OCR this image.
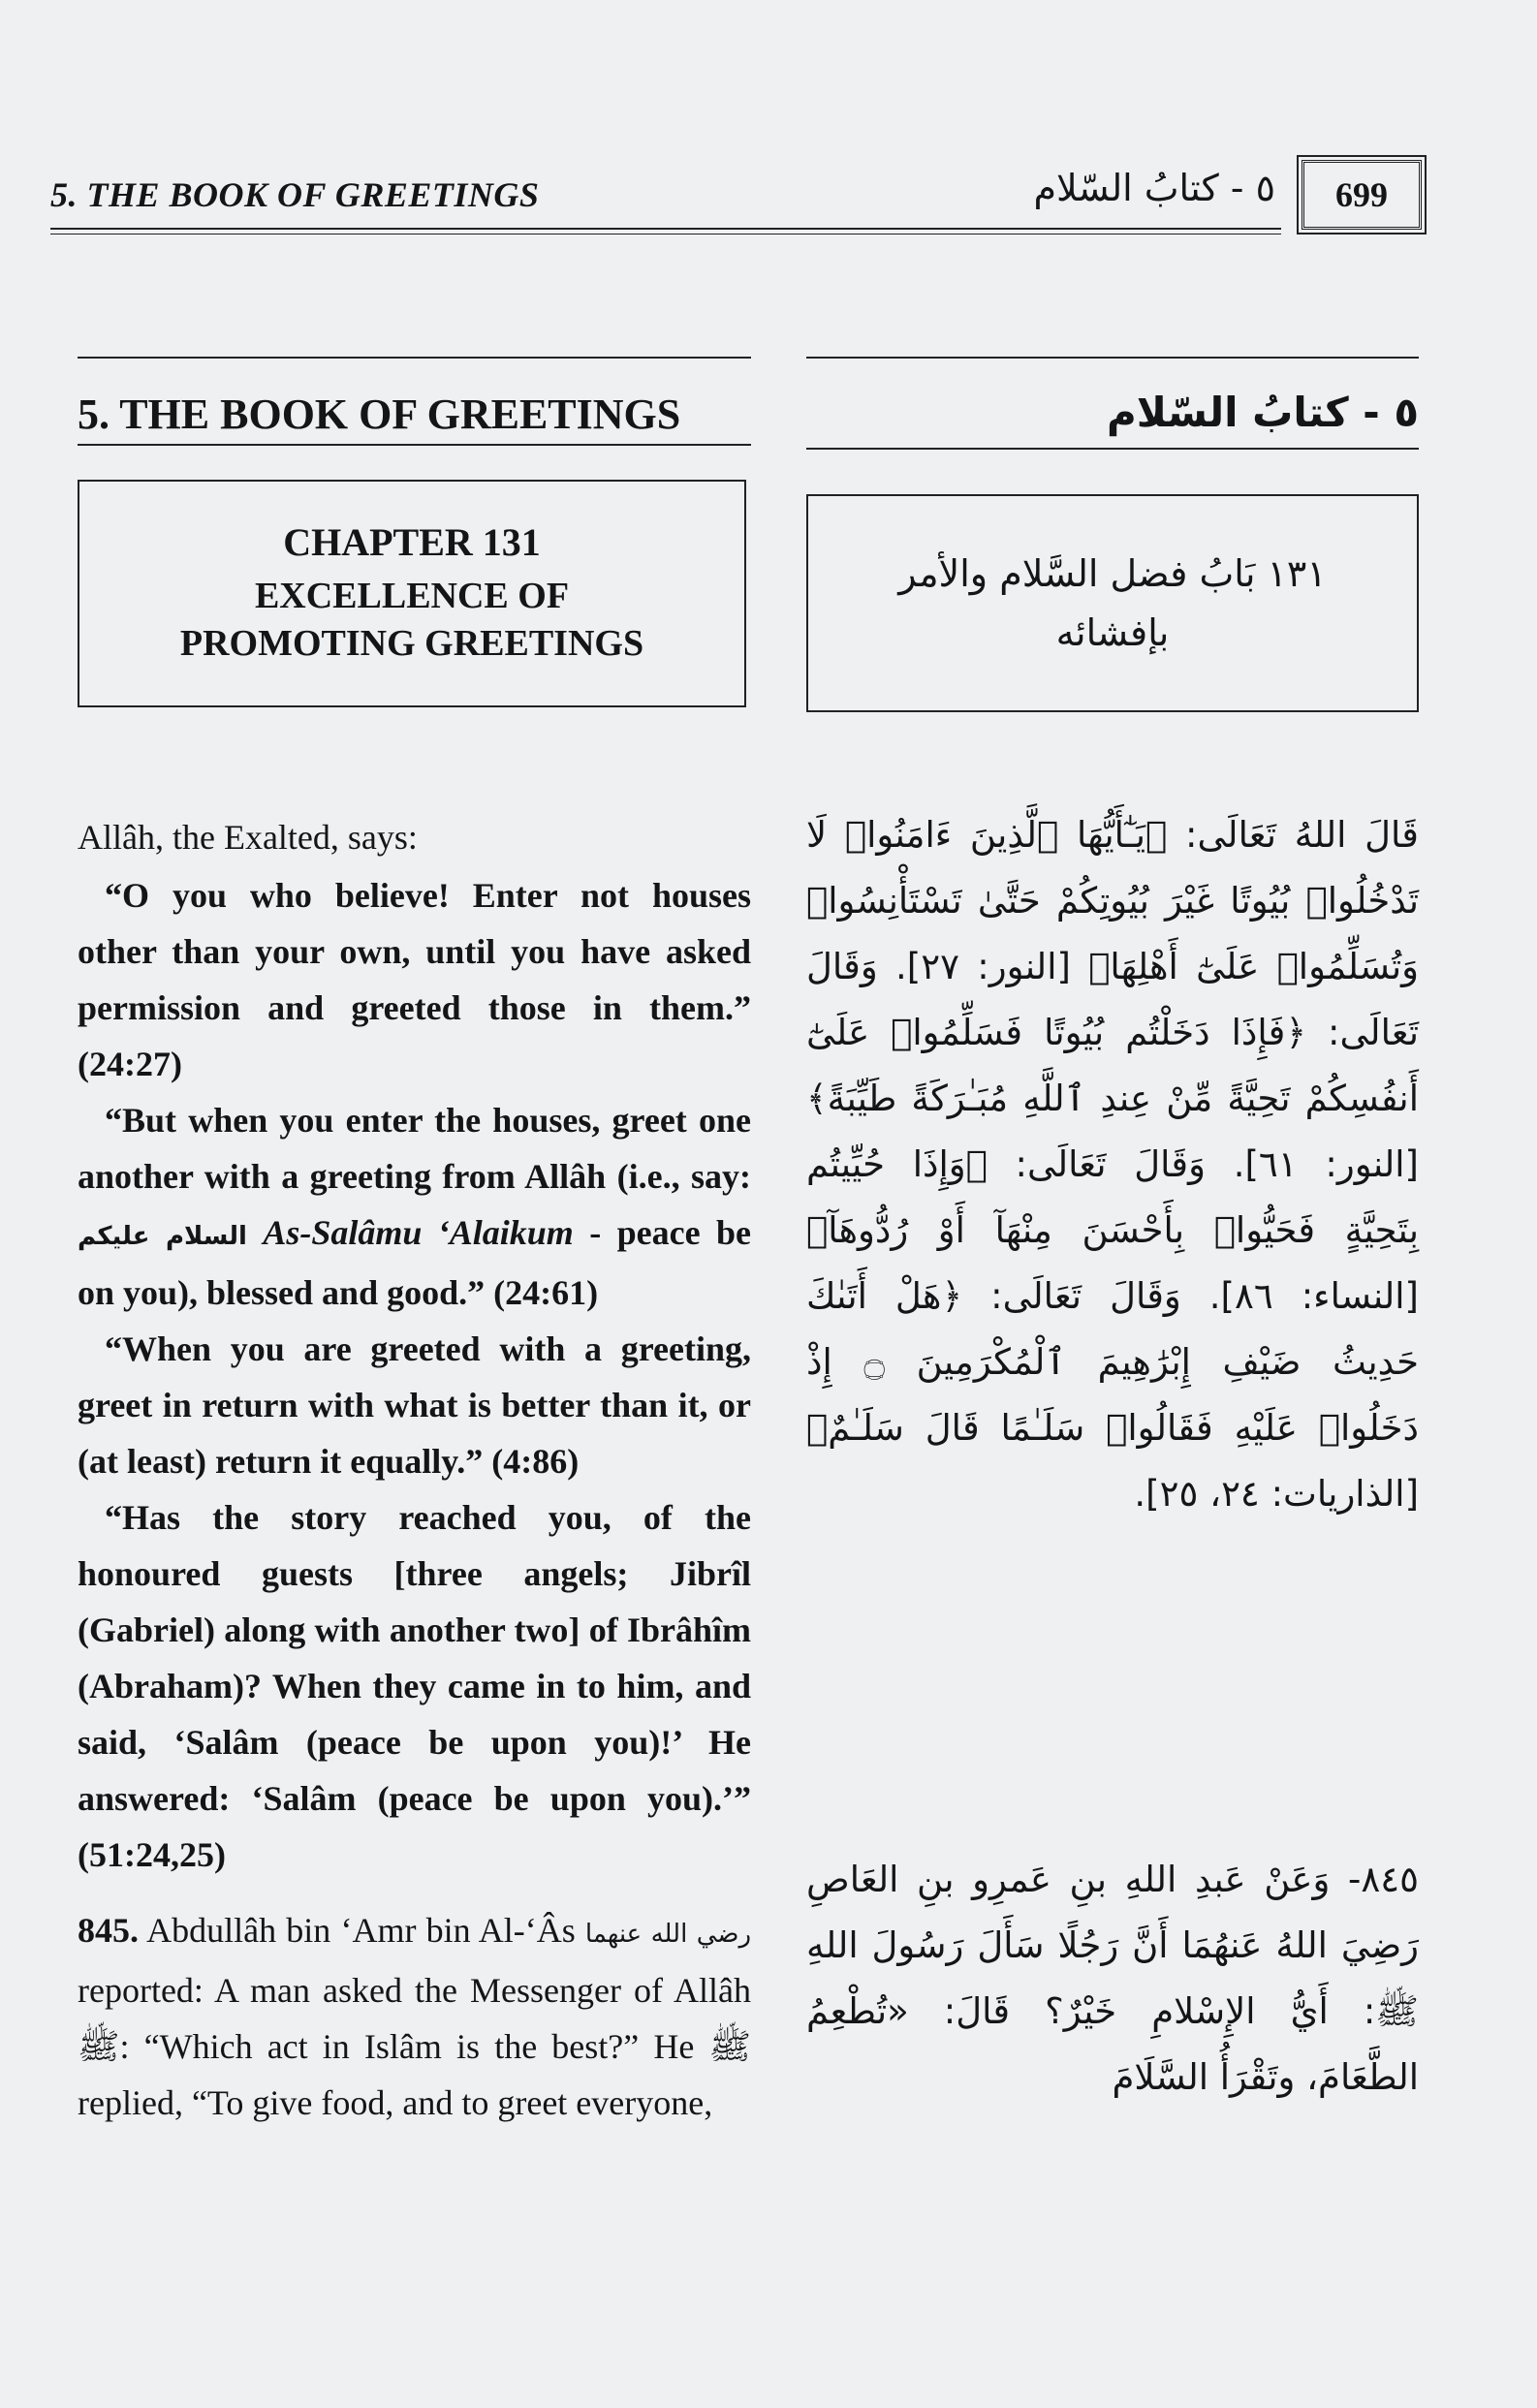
5. THE BOOK OF GREETINGS	٥ - كتابُ السّلام	699
5. THE BOOK OF GREETINGS	٥ - كتابُ السّلام
CHAPTER 131
EXCELLENCE OF PROMOTING GREETINGS
١٣١ بَابُ فضل السَّلام والأمر بإفشائه

Allâh, the Exalted, says:

“O you who believe! Enter not houses other than your own, until you have asked permission and greeted those in them.” (24:27)

“But when you enter the houses, greet one another with a greeting from Allâh (i.e., say: السلام عليكم As-Salâmu ‘Alaikum - peace be on you), blessed and good.” (24:61)

“When you are greeted with a greeting, greet in return with what is better than it, or (at least) return it equally.” (4:86)

“Has the story reached you, of the honoured guests [three angels; Jibrîl (Gabriel) along with another two] of Ibrâhîm (Abraham)? When they came in to him, and said, ‘Salâm (peace be upon you)!’ He answered: ‘Salâm (peace be upon you).’” (51:24,25)

845. Abdullâh bin ‘Amr bin Al-‘Âs رضي الله عنهما reported: A man asked the Messenger of Allâh ﷺ: “Which act in Islâm is the best?” He ﷺ replied, “To give food, and to greet everyone,

قَالَ اللهُ تَعَالَى: ﴿يَـٰٓأَيُّهَا ٱلَّذِينَ ءَامَنُوا۟ لَا تَدْخُلُوا۟ بُيُوتًا غَيْرَ بُيُوتِكُمْ حَتَّىٰ تَسْتَأْنِسُوا۟ وَتُسَلِّمُوا۟ عَلَىٰٓ أَهْلِهَا﴾ [النور: ٢٧]. وَقَالَ تَعَالَى: ﴿فَإِذَا دَخَلْتُم بُيُوتًا فَسَلِّمُوا۟ عَلَىٰٓ أَنفُسِكُمْ تَحِيَّةً مِّنْ عِندِ ٱللَّهِ مُبَـٰرَكَةً طَيِّبَةً﴾ [النور: ٦١]. وَقَالَ تَعَالَى: ﴿وَإِذَا حُيِّيتُم بِتَحِيَّةٍ فَحَيُّوا۟ بِأَحْسَنَ مِنْهَآ أَوْ رُدُّوهَآ﴾ [النساء: ٨٦]. وَقَالَ تَعَالَى: ﴿هَلْ أَتَىٰكَ حَدِيثُ ضَيْفِ إِبْرَٰهِيمَ ٱلْمُكْرَمِينَ ۝ إِذْ دَخَلُوا۟ عَلَيْهِ فَقَالُوا۟ سَلَـٰمًا قَالَ سَلَـٰمٌ﴾ [الذاريات: ٢٤، ٢٥].

٨٤٥- وَعَنْ عَبدِ اللهِ بنِ عَمرِو بنِ العَاصِ رَضِيَ اللهُ عَنهُمَا أَنَّ رَجُلًا سَأَلَ رَسُولَ اللهِ ﷺ: أَيُّ الإِسْلامِ خَيْرٌ؟ قَالَ: «تُطْعِمُ الطَّعَامَ، وتَقْرَأُ السَّلَامَ
